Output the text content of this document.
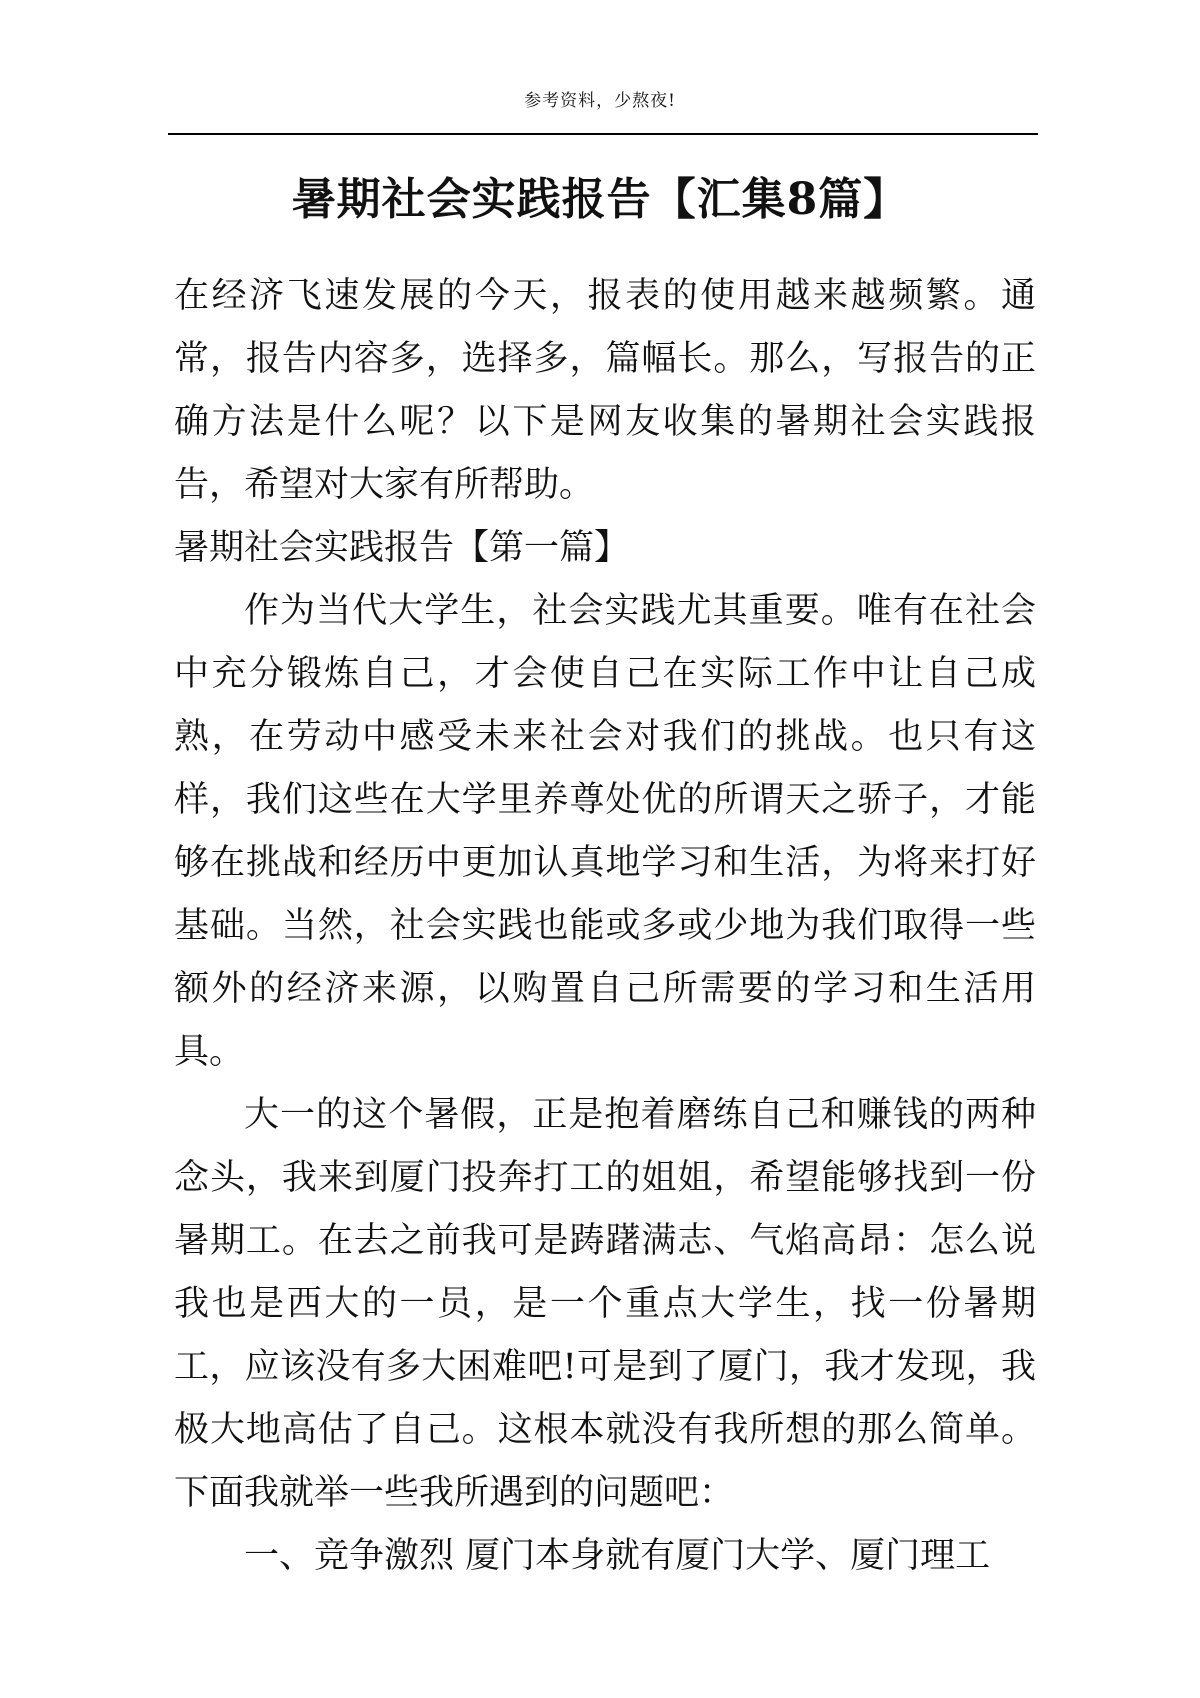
参考资料，少熬夜!
暑期社会实践报告【汇集8篇】

在经济飞速发展的今天，报表的使用越来越频繁。通常，报告内容多，选择多，篇幅长。那么，写报告的正确方法是什么呢？以下是网友收集的暑期社会实践报告，希望对大家有所帮助。

暑期社会实践报告【第一篇】

作为当代大学生，社会实践尤其重要。唯有在社会中充分锻炼自己，才会使自己在实际工作中让自己成熟，在劳动中感受未来社会对我们的挑战。也只有这样，我们这些在大学里养尊处优的所谓天之骄子，才能够在挑战和经历中更加认真地学习和生活，为将来打好基础。当然，社会实践也能或多或少地为我们取得一些额外的经济来源，以购置自己所需要的学习和生活用具。

大一的这个暑假，正是抱着磨练自己和赚钱的两种念头，我来到厦门投奔打工的姐姐，希望能够找到一份暑期工。在去之前我可是踌躇满志、气焰高昂：怎么说我也是西大的一员，是一个重点大学生，找一份暑期工，应该没有多大困难吧!可是到了厦门，我才发现，我极大地高估了自己。这根本就没有我所想的那么简单。下面我就举一些我所遇到的问题吧：

一、竞争激烈 厦门本身就有厦门大学、厦门理工
